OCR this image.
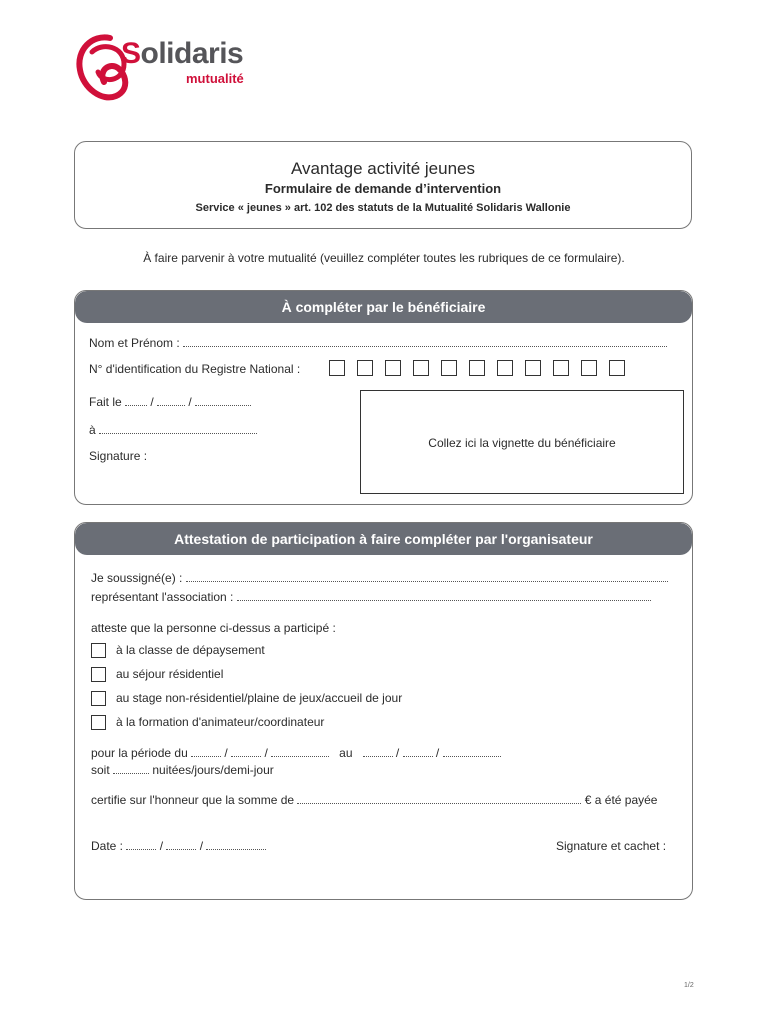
Solidaris
mutualité
Avantage activité jeunes
Formulaire de demande d’intervention
Service « jeunes » art. 102 des statuts de la Mutualité Solidaris Wallonie
À faire parvenir à votre mutualité (veuillez compléter toutes les rubriques de ce formulaire).
À compléter par le bénéficiaire
Nom et Prénom :
N° d'identification du Registre National :
Fait le  /  /
à
Signature :
Collez ici la vignette du bénéficiaire
Attestation de participation à faire compléter par l'organisateur
Je soussigné(e) :
représentant l'association :
atteste que la personne ci-dessus a participé :
à la classe de dépaysement
au séjour résidentiel
au stage non-résidentiel/plaine de jeux/accueil de jour
à la formation d'animateur/coordinateur
pour la période du	/	/	au	/	/
soit	nuitées/jours/demi-jour
certifie sur l'honneur que la somme de	€ a été payée
Date :	/	/	Signature et cachet :
1/2
